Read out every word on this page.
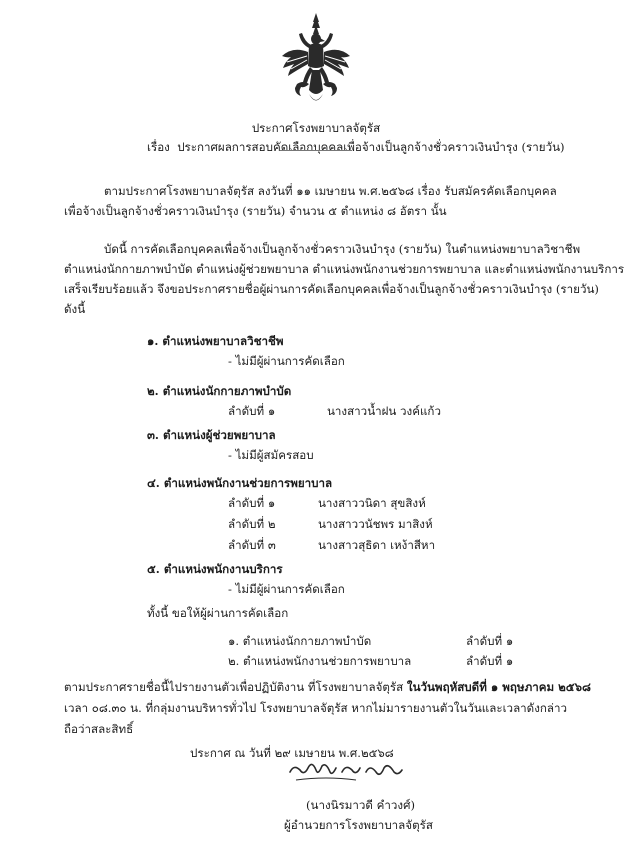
ประกาศโรงพยาบาลจัตุรัส
เรื่อง ประกาศผลการสอบคัดเลือกบุคคลเพื่อจ้างเป็นลูกจ้างชั่วคราวเงินบำรุง (รายวัน)
ตามประกาศโรงพยาบาลจัตุรัส ลงวันที่ ๑๑ เมษายน พ.ศ.๒๕๖๘ เรื่อง รับสมัครคัดเลือกบุคคล
เพื่อจ้างเป็นลูกจ้างชั่วคราวเงินบำรุง (รายวัน) จำนวน ๕ ตำแหน่ง ๘ อัตรา นั้น
บัดนี้ การคัดเลือกบุคคลเพื่อจ้างเป็นลูกจ้างชั่วคราวเงินบำรุง (รายวัน) ในตำแหน่งพยาบาลวิชาชีพ
ตำแหน่งนักกายภาพบำบัด ตำแหน่งผู้ช่วยพยาบาล ตำแหน่งพนักงานช่วยการพยาบาล และตำแหน่งพนักงานบริการ
เสร็จเรียบร้อยแล้ว จึงขอประกาศรายชื่อผู้ผ่านการคัดเลือกบุคคลเพื่อจ้างเป็นลูกจ้างชั่วคราวเงินบำรุง (รายวัน)
ดังนี้
๑. ตำแหน่งพยาบาลวิชาชีพ
- ไม่มีผู้ผ่านการคัดเลือก
๒. ตำแหน่งนักกายภาพบำบัด
ลำดับที่ ๑	นางสาวน้ำฝน วงค์แก้ว
๓. ตำแหน่งผู้ช่วยพยาบาล
- ไม่มีผู้สมัครสอบ
๔. ตำแหน่งพนักงานช่วยการพยาบาล
ลำดับที่ ๑	นางสาววนิดา สุขสิงห์
ลำดับที่ ๒	นางสาววนัชพร มาสิงห์
ลำดับที่ ๓	นางสาวสุธิดา เหง้าสีหา
๕. ตำแหน่งพนักงานบริการ
- ไม่มีผู้ผ่านการคัดเลือก
ทั้งนี้ ขอให้ผู้ผ่านการคัดเลือก
๑. ตำแหน่งนักกายภาพบำบัด	ลำดับที่ ๑
๒. ตำแหน่งพนักงานช่วยการพยาบาล	ลำดับที่ ๑
ตามประกาศรายชื่อนี้ไปรายงานตัวเพื่อปฏิบัติงาน ที่โรงพยาบาลจัตุรัส ในวันพฤหัสบดีที่ ๑ พฤษภาคม ๒๕๖๘
เวลา ๐๘.๓๐ น. ที่กลุ่มงานบริหารทั่วไป โรงพยาบาลจัตุรัส หากไม่มารายงานตัวในวันและเวลาดังกล่าว
ถือว่าสละสิทธิ์
ประกาศ ณ วันที่ ๒๙ เมษายน พ.ศ.๒๕๖๘
(นางนิรมาวดี คำวงศ์)
ผู้อำนวยการโรงพยาบาลจัตุรัส
